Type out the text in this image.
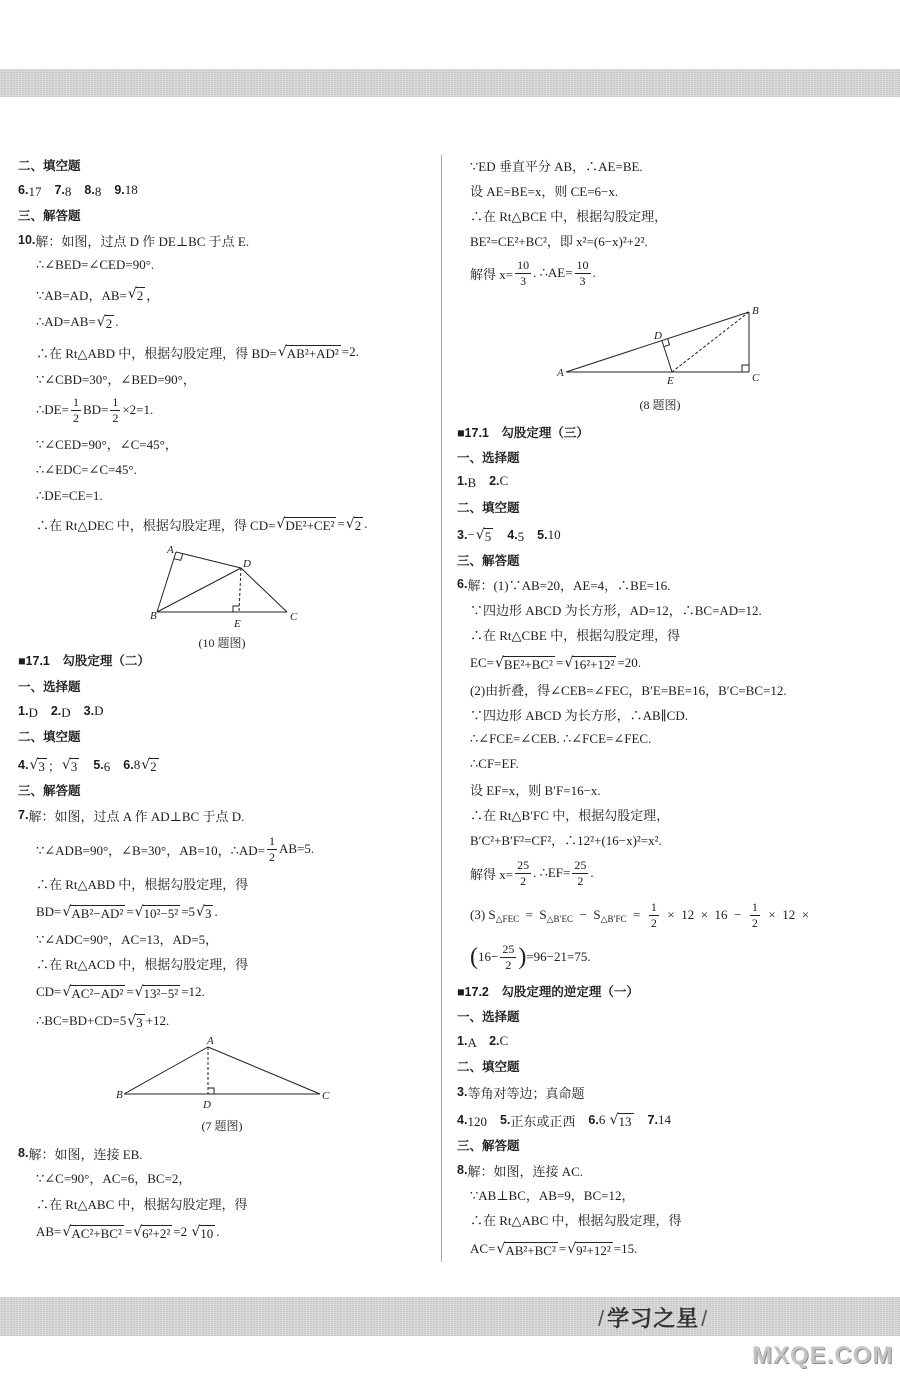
二、填空题
6. 17　 7. 8　 8. 8　 9. 18
三、解答题
10. 解：如图，过点 D 作 DE⊥BC 于点 E.
∴∠BED=∠CED=90°.
∵AB=AD，AB= √ 2 ，
∴AD=AB= √ 2 .
∴在 Rt△ABD 中，根据勾股定理，得 BD= √ AB²+AD² =2.
∵∠CBD=30°，∠BED=90°，
∴DE= $\frac{1}{2} BD= \frac{1}{2} \times 2=1$.
∵∠CED=90°，∠C=45°，
∴∠EDC=∠C=45°.
∴DE=CE=1.
∴在 Rt△DEC 中，根据勾股定理，得 CD= √ DE²+CE² = √ 2 .
■17.1　勾股定理（二）
一、选择题
1. D　 2. D　 3. D
二、填空题
4. √ 3 ； √ 3
　 5. 6　 6. 8 √ 2
三、解答题
7. 解：如图，过点 A 作 AD⊥BC 于点 D.
∵∠ADB=90°，∠B=30°，AB=10，∴AD= $\frac{1}{2} AB=5$.
∴在 Rt△ABD 中，根据勾股定理，得
BD= √ AB²−AD² = √ 10²−5² =5 √ 3 .
∵∠ADC=90°，AC=13，AD=5，
∴在 Rt△ACD 中，根据勾股定理，得
CD= √ AC²−AD² = √ 13²−5² =12.
∴BC=BD+CD=5 √ 3 +12.
8. 解：如图，连接 EB.
∵∠C=90°，AC=6，BC=2，
∴在 Rt△ABC 中，根据勾股定理，得
AB= √ AC²+BC² = √ 6²+2² =2 √ 10 .
∵ED 垂直平分 AB，∴AE=BE.
设 AE=BE=x，则 CE=6−x.
∴在 Rt△BCE 中，根据勾股定理，
BE²=CE²+BC²，即 x²=(6−x)²+2².
解得 $x= \frac{10}{3}$ . ∴AE= $\frac{10}{3}$ .
■17.1　勾股定理（三）
一、选择题
1. B　 2. C
二、填空题
3. − √ 5
　 4. 5　 5. 10
三、解答题
6. 解：(1)∵AB=20，AE=4，∴BE=16.
∵四边形 ABCD 为长方形，AD=12，∴BC=AD=12.
∴在 Rt△CBE 中，根据勾股定理，得
EC= √ BE²+BC² = √ 16²+12² =20.
(2)由折叠，得∠CEB=∠FEC，B′E=BE=16，B′C=BC=12.
∵四边形 ABCD 为长方形，∴AB∥CD.
∴∠FCE=∠CEB. ∴∠FCE=∠FEC.
∴CF=EF.
设 EF=x，则 B′F=16−x.
∴在 Rt△B′FC 中，根据勾股定理，
B′C²+B′F²=CF²，∴12²+(16−x)²=x².
解得 $x= \frac{25}{2}$ . ∴EF= $\frac{25}{2}$ .
(3) S △FEC =  S △B′EC −  S △B′FC = $\frac{1}{2} \times 12 \times 16 - \frac{1}{2} \times 12$  ×
( $16- \frac{25}{2}$ ) =96−21=75.
■17.2　勾股定理的逆定理（一）
一、选择题
1. A　 2. C
二、填空题
3. 等角对等边；真命题
4. 120　 5. 正东或正西　 6. 6 √ 13
　 7. 14
三、解答题
8. 解：如图，连接 AC.
∵AB⊥BC，AB=9，BC=12，
∴在 Rt△ABC 中，根据勾股定理，得
AC= √ AB²+BC² = √ 9²+12² =15.
A
D
B
E
C
(10 题图)
A
B	C
D
(7 题图)
A
B
C
D
E
(8 题图)
/ 学习之星 /
MXQE.COM
